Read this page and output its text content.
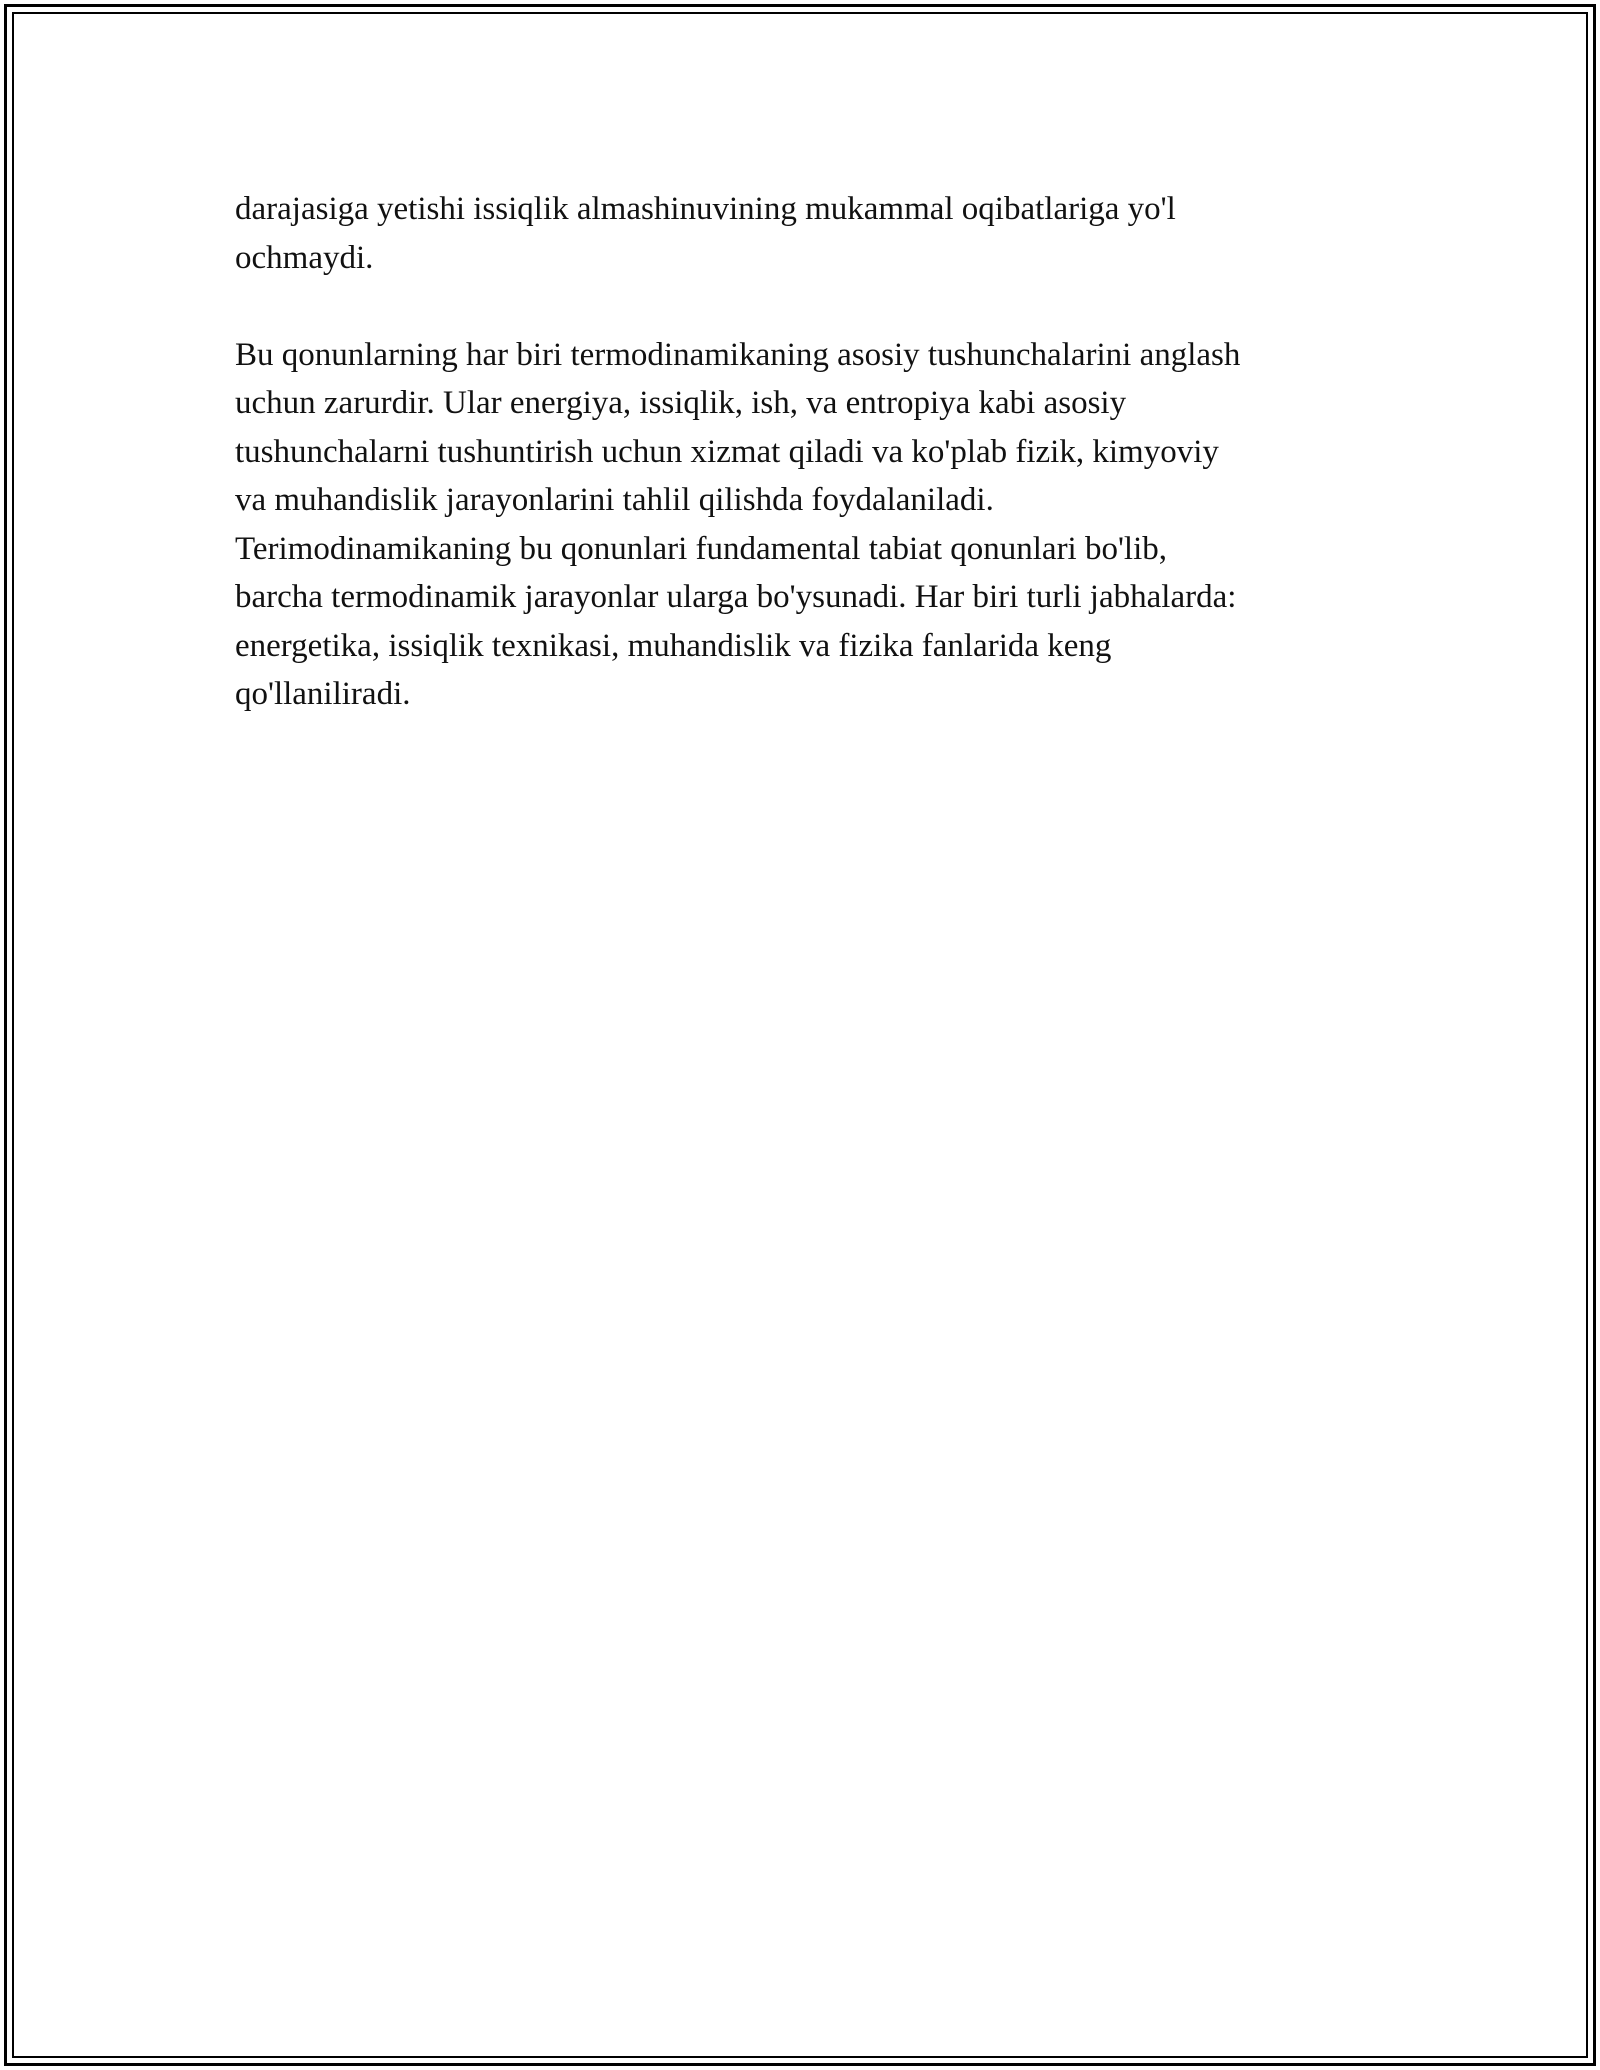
darajasiga yetishi issiqlik almashinuvining mukammal oqibatlariga yo'l
ochmaydi.

Bu qonunlarning har biri termodinamikaning asosiy tushunchalarini anglash
uchun zarurdir. Ular energiya, issiqlik, ish, va entropiya kabi asosiy
tushunchalarni tushuntirish uchun xizmat qiladi va ko'plab fizik, kimyoviy
va muhandislik jarayonlarini tahlil qilishda foydalaniladi.
Terimodinamikaning bu qonunlari fundamental tabiat qonunlari bo'lib,
barcha termodinamik jarayonlar ularga bo'ysunadi. Har biri turli jabhalarda:
energetika, issiqlik texnikasi, muhandislik va fizika fanlarida keng
qo'llaniliradi.
